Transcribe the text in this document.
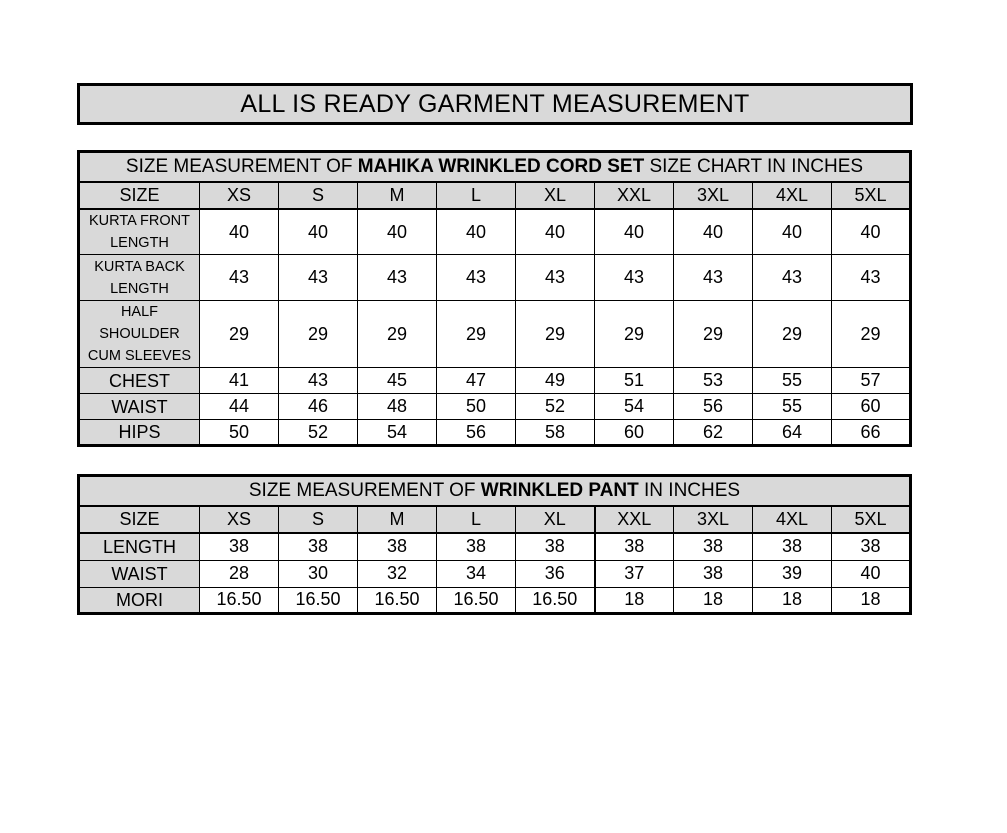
ALL IS READY GARMENT MEASUREMENT
SIZE MEASUREMENT OF MAHIKA WRINKLED CORD SET SIZE CHART IN INCHES									
SIZE	XS	S	M	L	XL	XXL	3XL	4XL	5XL

KURTA FRONT
LENGTH	40	40	40	40	40	40	40	40	40

KURTA BACK
LENGTH	43	43	43	43	43	43	43	43	43

HALF SHOULDER
CUM SLEEVES	29	29	29	29	29	29	29	29	29

CHEST	41	43	45	47	49	51	53	55	57

WAIST	44	46	48	50	52	54	56	55	60

HIPS	50	52	54	56	58	60	62	64	66
SIZE MEASUREMENT OF WRINKLED PANT IN INCHES									
SIZE	XS	S	M	L	XL	XXL	3XL	4XL	5XL

LENGTH	38	38	38	38	38	38	38	38	38

WAIST	28	30	32	34	36	37	38	39	40

MORI	16.50	16.50	16.50	16.50	16.50	18	18	18	18
